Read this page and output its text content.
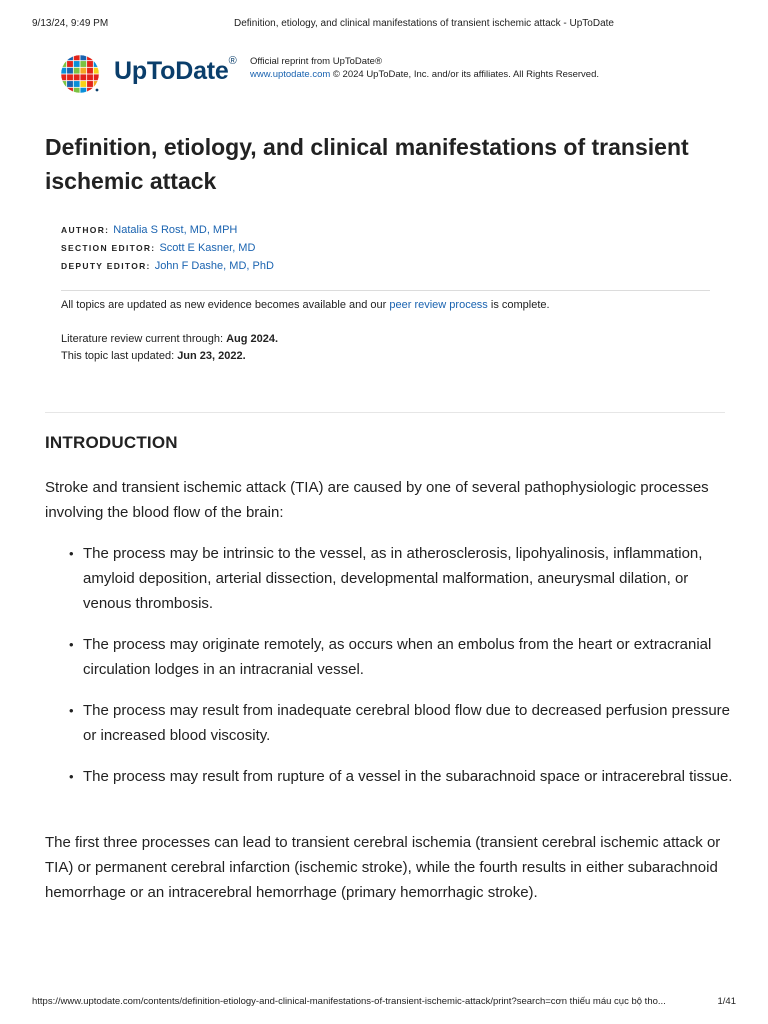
9/13/24, 9:49 PM	Definition, etiology, and clinical manifestations of transient ischemic attack - UpToDate
UpToDate® Official reprint from UpToDate®
www.uptodate.com © 2024 UpToDate, Inc. and/or its affiliates. All Rights Reserved.
Definition, etiology, and clinical manifestations of transient ischemic attack
AUTHOR: Natalia S Rost, MD, MPH
SECTION EDITOR: Scott E Kasner, MD
DEPUTY EDITOR: John F Dashe, MD, PhD
All topics are updated as new evidence becomes available and our peer review process is complete.
Literature review current through: Aug 2024.
This topic last updated: Jun 23, 2022.
INTRODUCTION

Stroke and transient ischemic attack (TIA) are caused by one of several pathophysiologic processes involving the blood flow of the brain:

• The process may be intrinsic to the vessel, as in atherosclerosis, lipohyalinosis, inflammation, amyloid deposition, arterial dissection, developmental malformation, aneurysmal dilation, or venous thrombosis.
• The process may originate remotely, as occurs when an embolus from the heart or extracranial circulation lodges in an intracranial vessel.
• The process may result from inadequate cerebral blood flow due to decreased perfusion pressure or increased blood viscosity.
• The process may result from rupture of a vessel in the subarachnoid space or intracerebral tissue.

The first three processes can lead to transient cerebral ischemia (transient cerebral ischemic attack or TIA) or permanent cerebral infarction (ischemic stroke), while the fourth results in either subarachnoid hemorrhage or an intracerebral hemorrhage (primary hemorrhagic stroke).

https://www.uptodate.com/contents/definition-etiology-and-clinical-manifestations-of-transient-ischemic-attack/print?search=cơn thiếu máu cục bộ tho...	1/41
